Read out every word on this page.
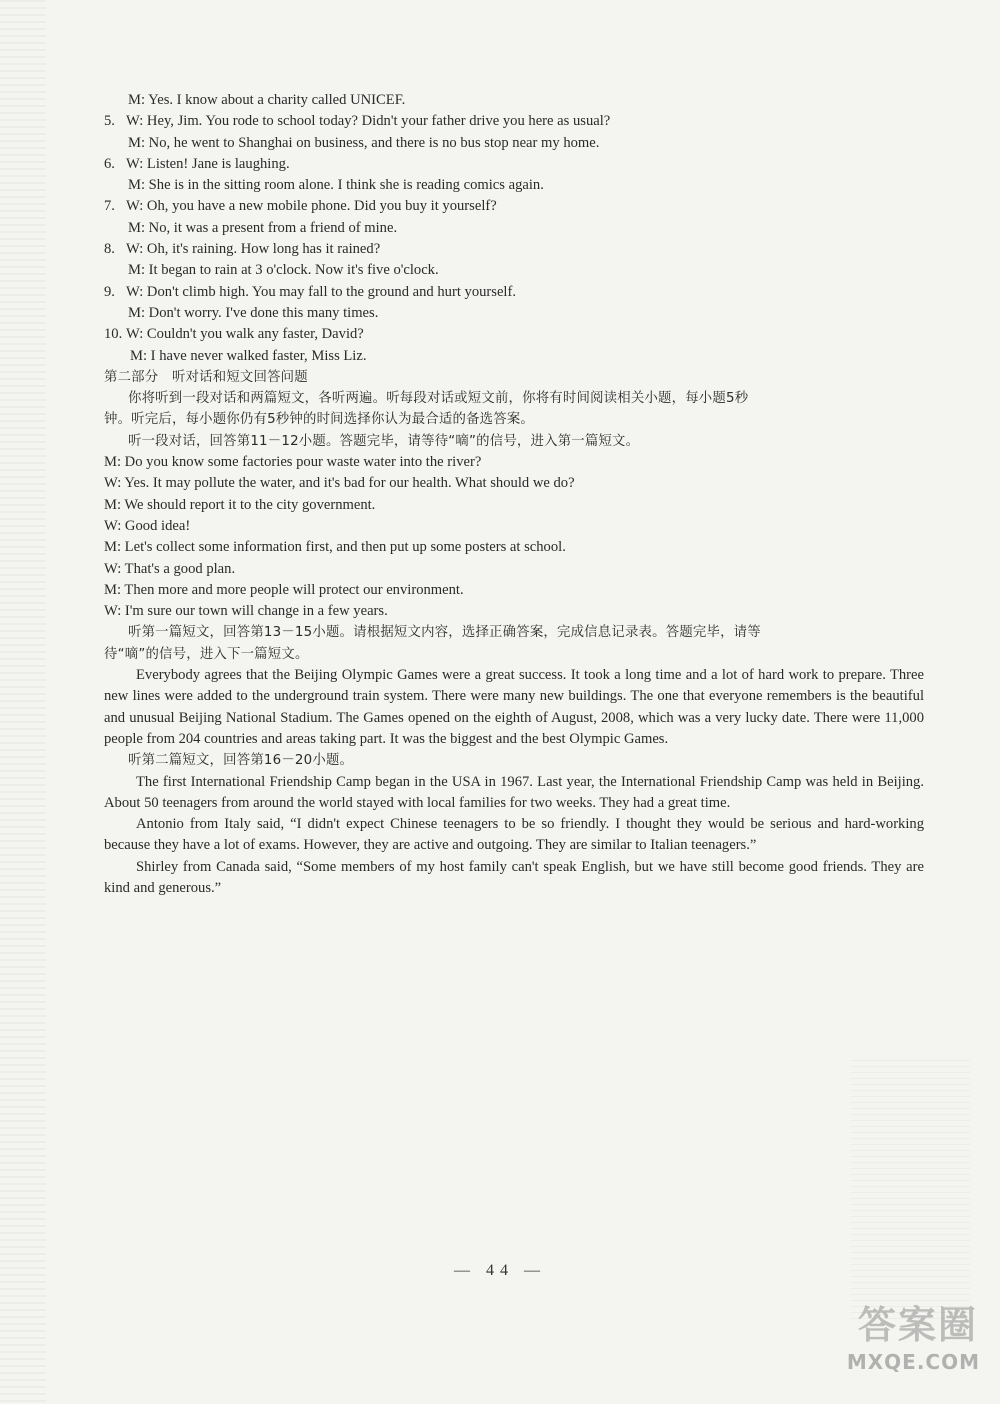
M: Yes. I know about a charity called UNICEF.
5. W: Hey, Jim. You rode to school today? Didn't your father drive you here as usual?
M: No, he went to Shanghai on business, and there is no bus stop near my home.
6. W: Listen! Jane is laughing.
M: She is in the sitting room alone. I think she is reading comics again.
7. W: Oh, you have a new mobile phone. Did you buy it yourself?
M: No, it was a present from a friend of mine.
8. W: Oh, it's raining. How long has it rained?
M: It began to rain at 3 o'clock. Now it's five o'clock.
9. W: Don't climb high. You may fall to the ground and hurt yourself.
M: Don't worry. I've done this many times.
10. W: Couldn't you walk any faster, David?
M: I have never walked faster, Miss Liz.
第二部分　听对话和短文回答问题
你将听到一段对话和两篇短文，各听两遍。听每段对话或短文前，你将有时间阅读相关小题，每小题5秒
钟。听完后，每小题你仍有5秒钟的时间选择你认为最合适的备选答案。
听一段对话，回答第11－12小题。答题完毕，请等待“嘀”的信号，进入第一篇短文。
M: Do you know some factories pour waste water into the river?
W: Yes. It may pollute the water, and it's bad for our health. What should we do?
M: We should report it to the city government.
W: Good idea!
M: Let's collect some information first, and then put up some posters at school.
W: That's a good plan.
M: Then more and more people will protect our environment.
W: I'm sure our town will change in a few years.
听第一篇短文，回答第13－15小题。请根据短文内容，选择正确答案，完成信息记录表。答题完毕，请等
待“嘀”的信号，进入下一篇短文。

Everybody agrees that the Beijing Olympic Games were a great success. It took a long time and a lot of hard work to prepare. Three new lines were added to the underground train system. There were many new buildings. The one that everyone remembers is the beautiful and unusual Beijing National Stadium. The Games opened on the eighth of August, 2008, which was a very lucky date. There were 11,000 people from 204 countries and areas taking part. It was the biggest and the best Olympic Games.

听第二篇短文，回答第16－20小题。

The first International Friendship Camp began in the USA in 1967. Last year, the International Friendship Camp was held in Beijing. About 50 teenagers from around the world stayed with local families for two weeks. They had a great time.

Antonio from Italy said, “I didn't expect Chinese teenagers to be so friendly. I thought they would be serious and hard-working because they have a lot of exams. However, they are active and outgoing. They are similar to Italian teenagers.”

Shirley from Canada said, “Some members of my host family can't speak English, but we have still become good friends. They are kind and generous.”

— 44 —
答案圈
MXQE.COM
